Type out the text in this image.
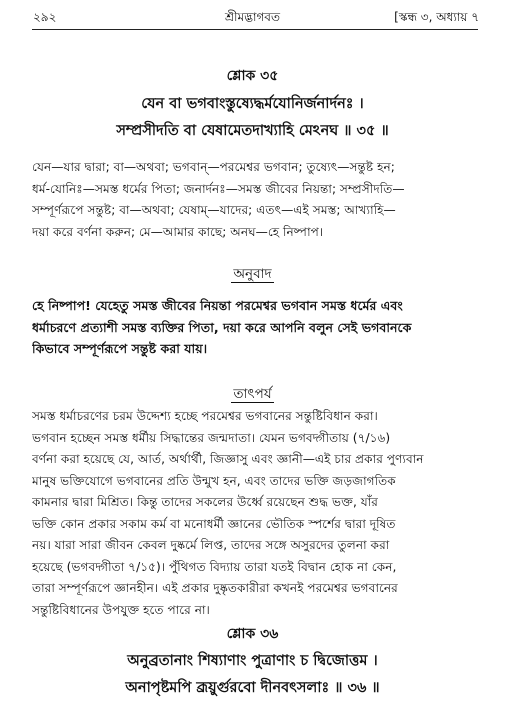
২৯২	শ্রীমদ্ভাগবত	[স্কন্ধ ৩, অধ্যায় ৭
শ্লোক ৩৫
যেন বা ভগবাংস্তুষ্যেদ্ধর্মযোনির্জনার্দনঃ ।
সম্প্রসীদতি বা যেষামেতদাখ্যাহি মেঽনঘ ॥ ৩৫ ॥
যেন—যার দ্বারা; বা—অথবা; ভগবান্—পরমেশ্বর ভগবান; তুষ্যেৎ—সন্তুষ্ট হন;
ধর্ম-যোনিঃ—সমস্ত ধর্মের পিতা; জনার্দনঃ—সমস্ত জীবের নিয়ন্তা; সম্প্রসীদতি—
সম্পূর্ণরূপে সন্তুষ্ট; বা—অথবা; যেষাম্—যাদের; এতৎ—এই সমস্ত; আখ্যাহি—
দয়া করে বর্ণনা করুন; মে—আমার কাছে; অনঘ—হে নিষ্পাপ।
অনুবাদ
হে নিষ্পাপ! যেহেতু সমস্ত জীবের নিয়ন্তা পরমেশ্বর ভগবান সমস্ত ধর্মের এবং
ধর্মাচরণে প্রত্যাশী সমস্ত ব্যক্তির পিতা, দয়া করে আপনি বলুন সেই ভগবানকে
কিভাবে সম্পূর্ণরূপে সন্তুষ্ট করা যায়।
তাৎপর্য
সমস্ত ধর্মাচরণের চরম উদ্দেশ্য হচ্ছে পরমেশ্বর ভগবানের সন্তুষ্টিবিধান করা।
ভগবান হচ্ছেন সমস্ত ধর্মীয় সিদ্ধান্তের জন্মদাতা। যেমন ভগবদ্গীতায় (৭/১৬)
বর্ণনা করা হয়েছে যে, আর্ত, অর্থার্থী, জিজ্ঞাসু এবং জ্ঞানী—এই চার প্রকার পুণ্যবান
মানুষ ভক্তিযোগে ভগবানের প্রতি উন্মুখ হন, এবং তাদের ভক্তি জড়জাগতিক
কামনার দ্বারা মিশ্রিত। কিন্তু তাদের সকলের উর্ধ্বে রয়েছেন শুদ্ধ ভক্ত, যাঁর
ভক্তি কোন প্রকার সকাম কর্ম বা মনোধর্মী জ্ঞানের ভৌতিক স্পর্শের দ্বারা দূষিত
নয়। যারা সারা জীবন কেবল দুষ্কর্মে লিপ্ত, তাদের সঙ্গে অসুরদের তুলনা করা
হয়েছে (ভগবদ্গীতা ৭/১৫)। পুঁথিগত বিদ্যায় তারা যতই বিদ্বান হোক না কেন,
তারা সম্পূর্ণরূপে জ্ঞানহীন। এই প্রকার দুষ্কৃতকারীরা কখনই পরমেশ্বর ভগবানের
সন্তুষ্টিবিধানের উপযুক্ত হতে পারে না।
শ্লোক ৩৬
অনুব্রতানাং শিষ্যাণাং পুত্রাণাং চ দ্বিজোত্তম ।
অনাপৃষ্টমপি ব্রূয়ুর্গুরবো দীনবৎসলাঃ ॥ ৩৬ ॥
